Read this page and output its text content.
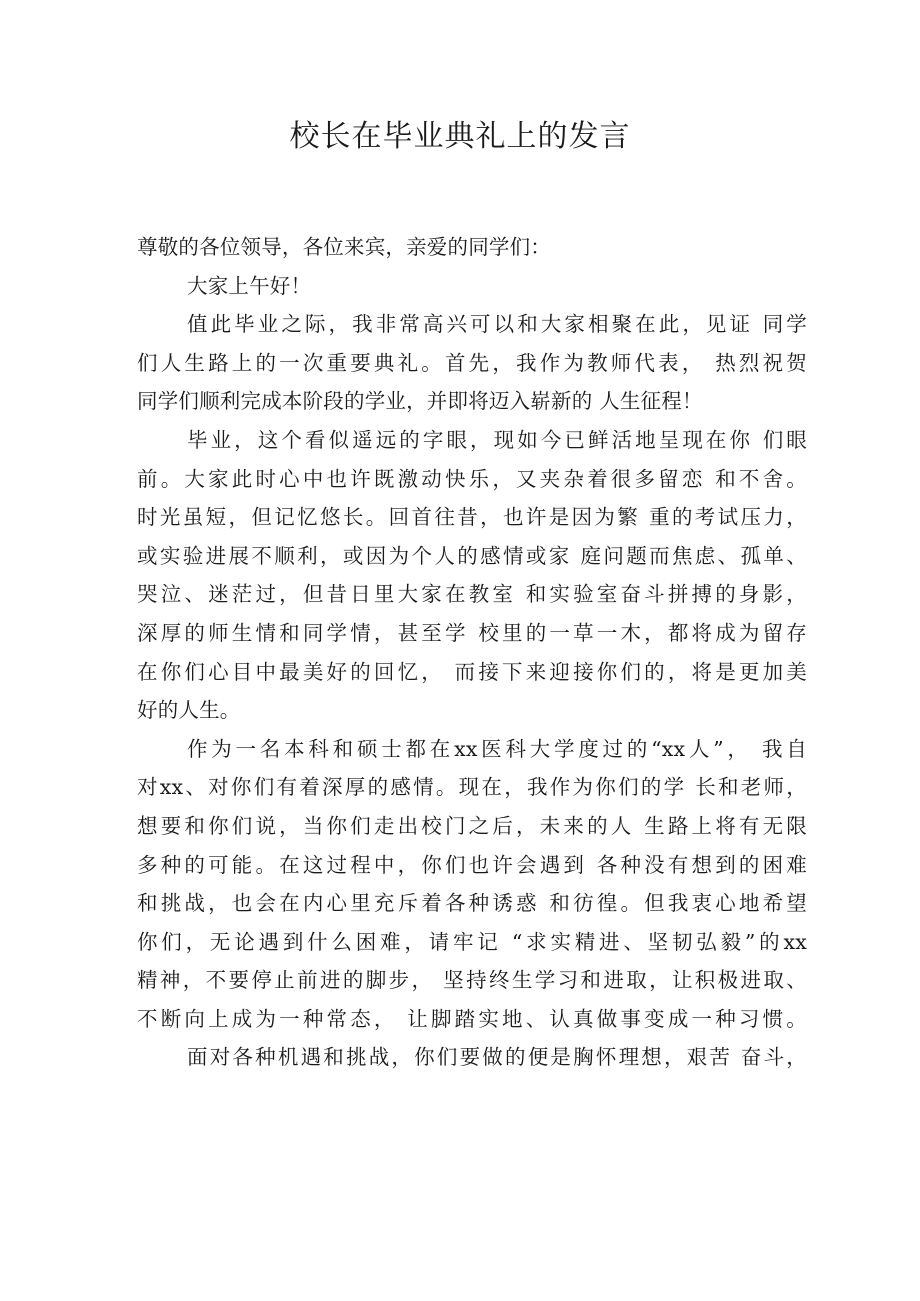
校长在毕业典礼上的发言
尊敬的各位领导，各位来宾，亲爱的同学们：
大家上午好！
值此毕业之际，我非常高兴可以和大家相聚在此，见证 同学
们人生路上的一次重要典礼。首先，我作为教师代表， 热烈祝贺
同学们顺利完成本阶段的学业，并即将迈入崭新的 人生征程！
毕业，这个看似遥远的字眼，现如今已鲜活地呈现在你 们眼
前。大家此时心中也许既激动快乐，又夹杂着很多留恋 和不舍。
时光虽短，但记忆悠长。回首往昔，也许是因为繁 重的考试压力，
或实验进展不顺利，或因为个人的感情或家 庭问题而焦虑、孤单、
哭泣、迷茫过，但昔日里大家在教室 和实验室奋斗拼搏的身影，
深厚的师生情和同学情，甚至学 校里的一草一木，都将成为留存
在你们心目中最美好的回忆， 而接下来迎接你们的，将是更加美
好的人生。
作为一名本科和硕士都在xx医科大学度过的“xx人”， 我自
对xx、对你们有着深厚的感情。现在，我作为你们的学 长和老师，
想要和你们说，当你们走出校门之后，未来的人 生路上将有无限
多种的可能。在这过程中，你们也许会遇到 各种没有想到的困难
和挑战，也会在内心里充斥着各种诱惑 和彷徨。但我衷心地希望
你们，无论遇到什么困难，请牢记 “求实精进、坚韧弘毅”的xx
精神，不要停止前进的脚步， 坚持终生学习和进取，让积极进取、
不断向上成为一种常态， 让脚踏实地、认真做事变成一种习惯。
面对各种机遇和挑战，你们要做的便是胸怀理想，艰苦 奋斗，
